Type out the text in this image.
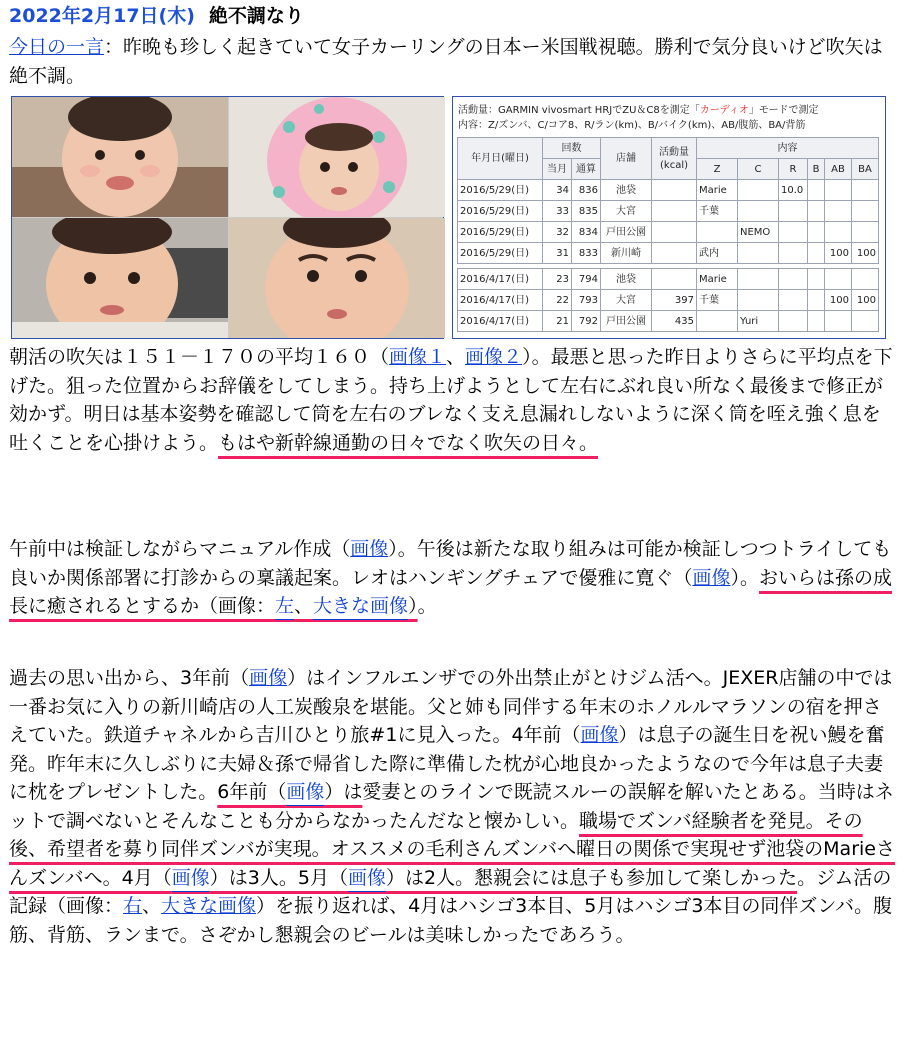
2022年2月17日(木) 絶不調なり
今日の一言：昨晩も珍しく起きていて女子カーリングの日本ー米国戦視聴。勝利で気分良いけど吹矢は絶不調。
活動量：GARMIN vivosmart HRJでZU＆C8を測定「カーディオ」モードで測定
内容：Z/ズンバ、C/コア8、R/ラン(km)、B/バイク(km)、AB/腹筋、BA/背筋
年月日(曜日)	回数		店舗	活動量
(kcal)	内容					
	当月	通算			Z	C	R	B	AB	BA
2016/5/29(日)	34	836	池袋		Marie		10.0			
2016/5/29(日)	33	835	大宮		千葉					
2016/5/29(日)	32	834	戸田公園			NEMO				
2016/5/29(日)	31	833	新川崎		武内				100	100
2016/4/17(日)	23	794	池袋		Marie					
2016/4/17(日)	22	793	大宮	397	千葉				100	100
2016/4/17(日)	21	792	戸田公園	435		Yuri				
朝活の吹矢は１５１－１７０の平均１６０（画像１、画像２）。最悪と思った昨日よりさらに平均点を下げた。狙った位置からお辞儀をしてしまう。持ち上げようとして左右にぶれ良い所なく最後まで修正が効かず。明日は基本姿勢を確認して筒を左右のブレなく支え息漏れしないように深く筒を咥え強く息を吐くことを心掛けよう。もはや新幹線通勤の日々でなく吹矢の日々。
午前中は検証しながらマニュアル作成（画像）。午後は新たな取り組みは可能か検証しつつトライしても良いか関係部署に打診からの稟議起案。レオはハンギングチェアで優雅に寛ぐ（画像）。おいらは孫の成長に癒されるとするか（画像：左、大きな画像）。
過去の思い出から、3年前（画像）はインフルエンザでの外出禁止がとけジム活へ。JEXER店舗の中では一番お気に入りの新川崎店の人工炭酸泉を堪能。父と姉も同伴する年末のホノルルマラソンの宿を押さえていた。鉄道チャネルから吉川ひとり旅#1に見入った。4年前（画像）は息子の誕生日を祝い鰻を奮発。昨年末に久しぶりに夫婦＆孫で帰省した際に準備した枕が心地良かったようなので今年は息子夫妻に枕をプレゼントした。6年前（画像）は愛妻とのラインで既読スルーの誤解を解いたとある。当時はネットで調べないとそんなことも分からなかったんだなと懐かしい。職場でズンバ経験者を発見。その後、希望者を募り同伴ズンバが実現。オススメの毛利さんズンバへ曜日の関係で実現せず池袋のMarieさんズンバへ。4月（画像）は3人。5月（画像）は2人。懇親会には息子も参加して楽しかった。ジム活の記録（画像：右、大きな画像）を振り返れば、4月はハシゴ3本目、5月はハシゴ3本目の同伴ズンバ。腹筋、背筋、ランまで。さぞかし懇親会のビールは美味しかったであろう。
